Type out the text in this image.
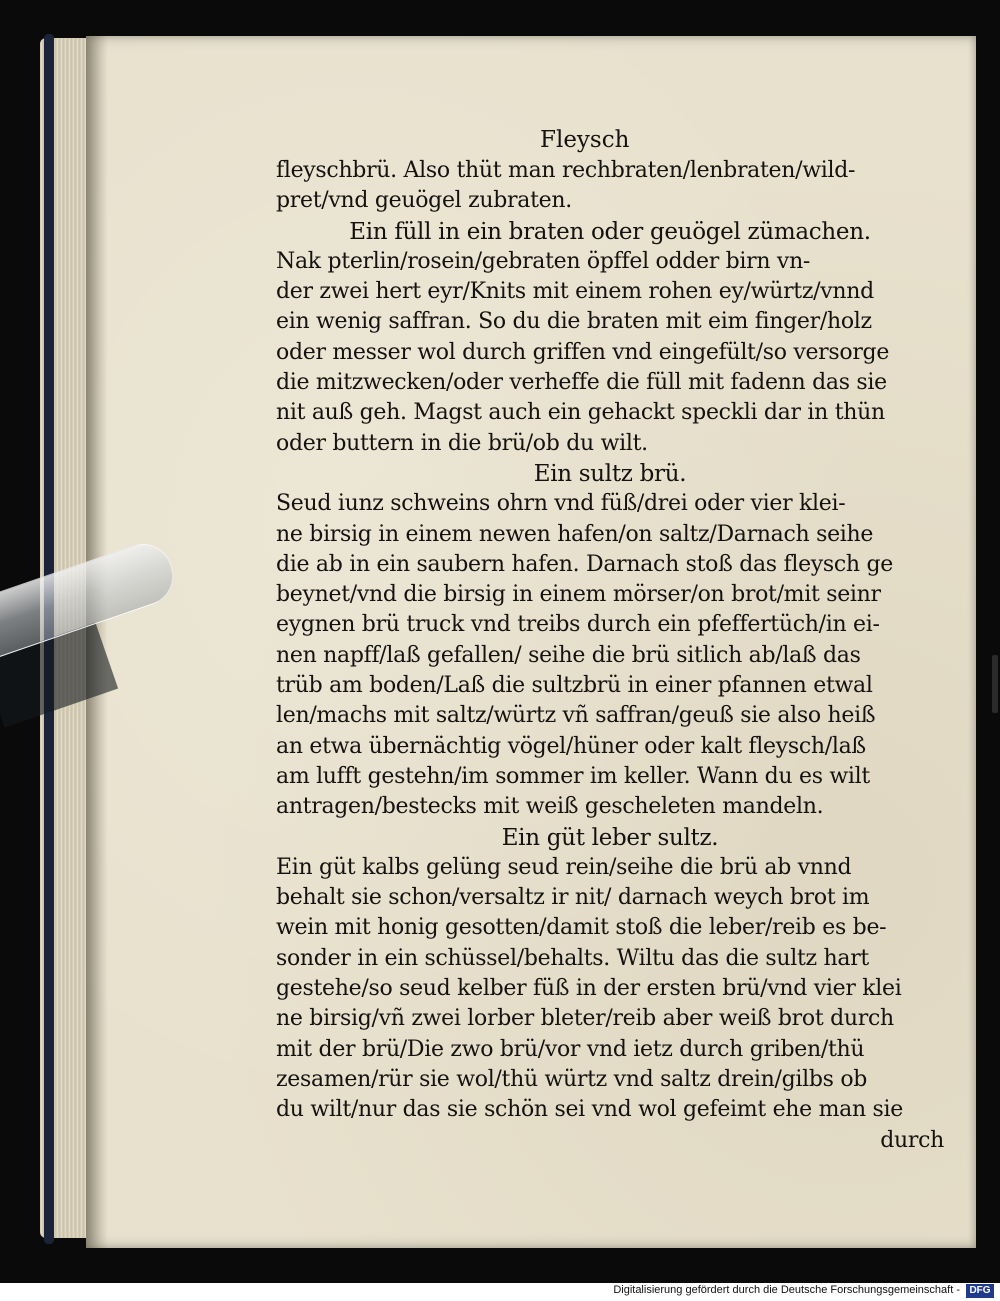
Fleysch
fleyschbrü. Also thüt man rechbraten/lenbraten/wild-
pret/vnd geuögel zubraten.
Ein füll in ein braten oder geuögel zümachen.
Nak pterlin/rosein/gebraten öpffel odder birn vn-
der zwei hert eyr/Knits mit einem rohen ey/würtz/vnnd
ein wenig saffran. So du die braten mit eim finger/holz
oder messer wol durch griffen vnd eingefült/so versorge
die mitzwecken/oder verheffe die füll mit fadenn das sie
nit auß geh. Magst auch ein gehackt speckli dar in thün
oder buttern in die brü/ob du wilt.
Ein sultz brü.
Seud iunz schweins ohrn vnd füß/drei oder vier klei-
ne birsig in einem newen hafen/on saltz/Darnach seihe
die ab in ein saubern hafen. Darnach stoß das fleysch ge
beynet/vnd die birsig in einem mörser/on brot/mit seinr
eygnen brü truck vnd treibs durch ein pfeffertüch/in ei-
nen napff/laß gefallen/ seihe die brü sitlich ab/laß das
trüb am boden/Laß die sultzbrü in einer pfannen etwal
len/machs mit saltz/würtz vñ saffran/geuß sie also heiß
an etwa übernächtig vögel/hüner oder kalt fleysch/laß
am lufft gestehn/im sommer im keller. Wann du es wilt
antragen/bestecks mit weiß gescheleten mandeln.
Ein güt leber sultz.
Ein güt kalbs gelüng seud rein/seihe die brü ab vnnd
behalt sie schon/versaltz ir nit/ darnach weych brot im
wein mit honig gesotten/damit stoß die leber/reib es be-
sonder in ein schüssel/behalts. Wiltu das die sultz hart
gestehe/so seud kelber füß in der ersten brü/vnd vier klei
ne birsig/vñ zwei lorber bleter/reib aber weiß brot durch
mit der brü/Die zwo brü/vor vnd ietz durch griben/thü
zesamen/rür sie wol/thü würtz vnd saltz drein/gilbs ob
du wilt/nur das sie schön sei vnd wol gefeimt ehe man sie
durch
Digitalisierung gefördert durch die Deutsche Forschungsgemeinschaft - DFG
